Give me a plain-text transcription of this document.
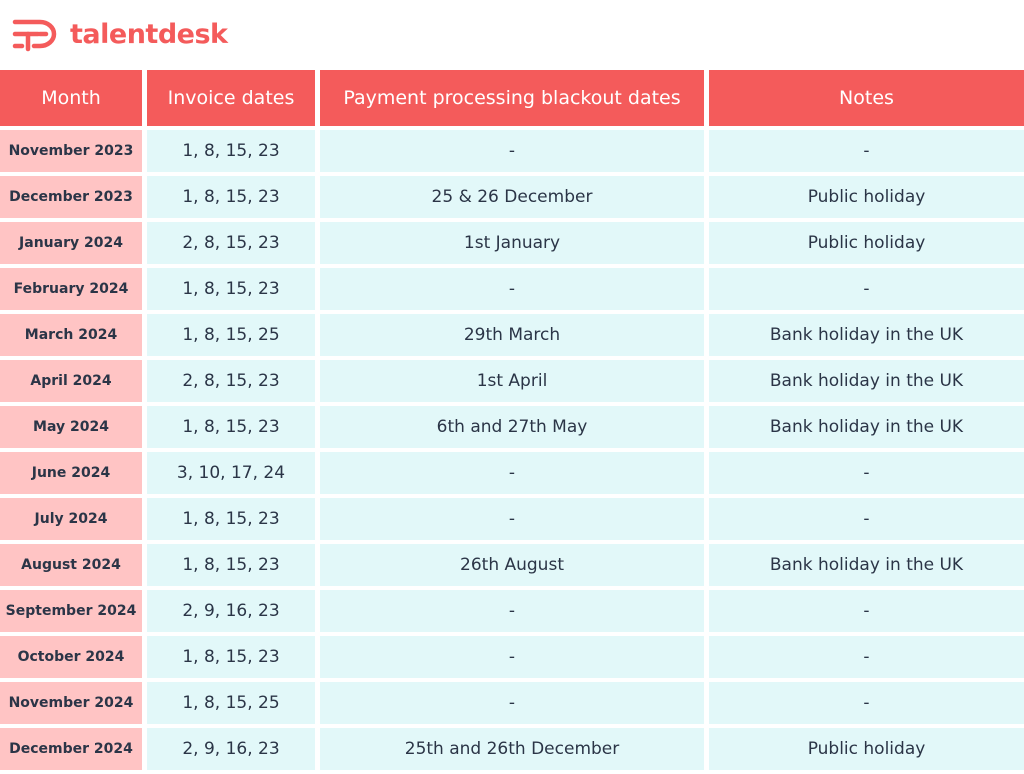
talentdesk
Month	Invoice dates	Payment processing blackout dates	Notes
November 2023	1, 8, 15, 23	-	-
December 2023	1, 8, 15, 23	25 & 26 December	Public holiday
January 2024	2, 8, 15, 23	1st January	Public holiday
February 2024	1, 8, 15, 23	-	-
March 2024	1, 8, 15, 25	29th March	Bank holiday in the UK
April 2024	2, 8, 15, 23	1st April	Bank holiday in the UK
May 2024	1, 8, 15, 23	6th and 27th May	Bank holiday in the UK
June 2024	3, 10, 17, 24	-	-
July 2024	1, 8, 15, 23	-	-
August 2024	1, 8, 15, 23	26th August	Bank holiday in the UK
September 2024	2, 9, 16, 23	-	-
October 2024	1, 8, 15, 23	-	-
November 2024	1, 8, 15, 25	-	-
December 2024	2, 9, 16, 23	25th and 26th December	Public holiday
